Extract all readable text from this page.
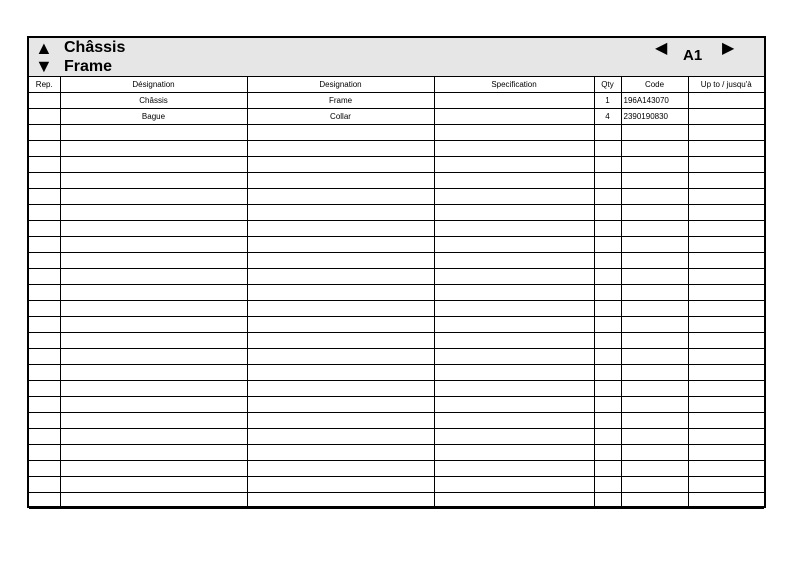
▲
▼
Châssis
Frame
◀ A1 ▶
Rep.	Désignation	Designation	Specification	Qty	Code	Up to / jusqu'à
	Châssis	Frame		1	196A143070	
	Bague	Collar		4	2390190830	
